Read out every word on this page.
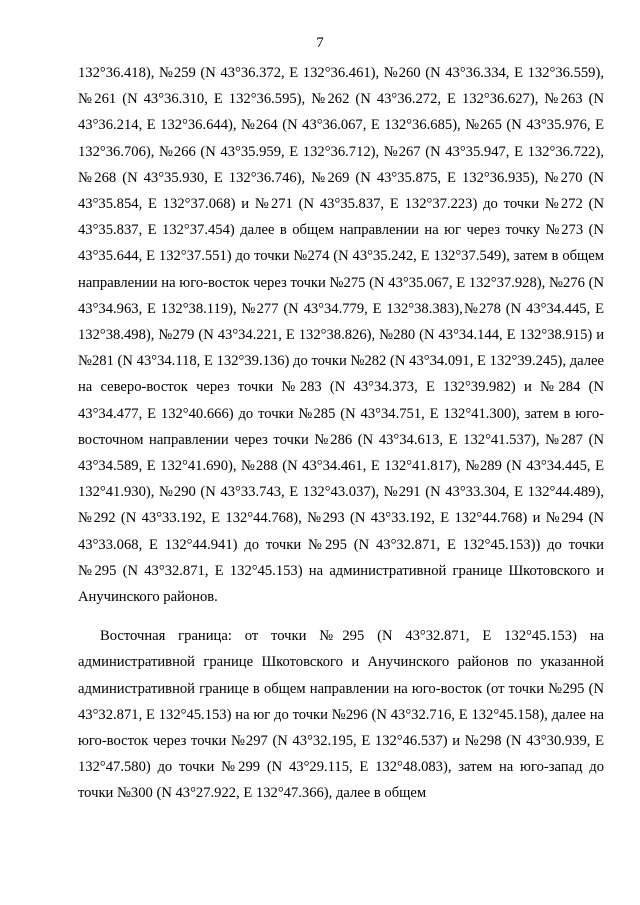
7

132°36.418), №259 (N 43°36.372, E 132°36.461), №260 (N 43°36.334, E 132°36.559), №261 (N 43°36.310, E 132°36.595), №262 (N 43°36.272, E 132°36.627), №263 (N 43°36.214, E 132°36.644), №264 (N 43°36.067, E 132°36.685), №265 (N 43°35.976, E 132°36.706), №266 (N 43°35.959, E 132°36.712), №267 (N 43°35.947, E 132°36.722), №268 (N 43°35.930, E 132°36.746), №269 (N 43°35.875, E 132°36.935), №270 (N 43°35.854, E 132°37.068) и №271 (N 43°35.837, E 132°37.223) до точки №272 (N 43°35.837, E 132°37.454) далее в общем направлении на юг через точку №273 (N 43°35.644, E 132°37.551) до точки №274 (N 43°35.242, E 132°37.549), затем в общем направлении на юго-восток через точки №275 (N 43°35.067, E 132°37.928), №276 (N 43°34.963, E 132°38.119), №277 (N 43°34.779, E 132°38.383),№278 (N 43°34.445, E 132°38.498), №279 (N 43°34.221, E 132°38.826), №280 (N 43°34.144, E 132°38.915) и №281 (N 43°34.118, E 132°39.136) до точки №282 (N 43°34.091, E 132°39.245), далее на северо-восток через точки №283 (N 43°34.373, E 132°39.982) и №284 (N 43°34.477, E 132°40.666) до точки №285 (N 43°34.751, E 132°41.300), затем в юго-восточном направлении через точки №286 (N 43°34.613, E 132°41.537), №287 (N 43°34.589, E 132°41.690), №288 (N 43°34.461, E 132°41.817), №289 (N 43°34.445, E 132°41.930), №290 (N 43°33.743, E 132°43.037), №291 (N 43°33.304, E 132°44.489), №292 (N 43°33.192, E 132°44.768), №293 (N 43°33.192, E 132°44.768) и №294 (N 43°33.068, E 132°44.941) до точки №295 (N 43°32.871, E 132°45.153)) до точки №295 (N 43°32.871, E 132°45.153) на административной границе Шкотовского и Анучинского районов.

Восточная граница: от точки №295 (N 43°32.871, E 132°45.153) на административной границе Шкотовского и Анучинского районов по указанной административной границе в общем направлении на юго-восток (от точки №295 (N 43°32.871, E 132°45.153) на юг до точки №296 (N 43°32.716, E 132°45.158), далее на юго-восток через точки №297 (N 43°32.195, E 132°46.537) и №298 (N 43°30.939, E 132°47.580) до точки №299 (N 43°29.115, E 132°48.083), затем на юго-запад до точки №300 (N 43°27.922, E 132°47.366), далее в общем
